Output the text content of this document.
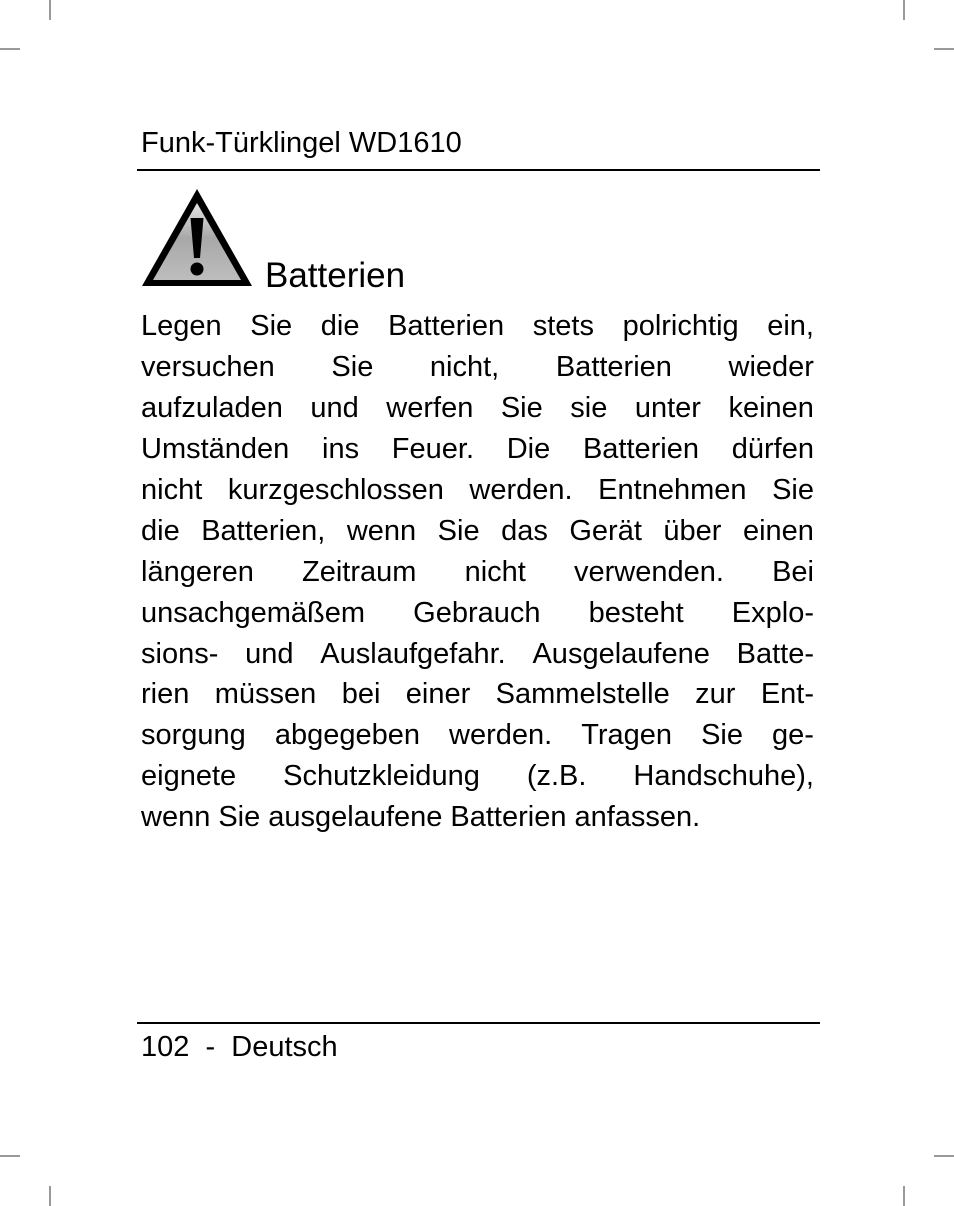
Funk-Türklingel WD1610
Batterien
Legen Sie die Batterien stets polrichtig ein,
versuchen Sie nicht, Batterien wieder
aufzuladen und werfen Sie sie unter keinen
Umständen ins Feuer. Die Batterien dürfen
nicht kurzgeschlossen werden. Entnehmen Sie
die Batterien, wenn Sie das Gerät über einen
längeren Zeitraum nicht verwenden. Bei
unsachgemäßem Gebrauch besteht Explo-
sions- und Auslaufgefahr. Ausgelaufene Batte-
rien müssen bei einer Sammelstelle zur Ent-
sorgung abgegeben werden. Tragen Sie ge-
eignete Schutzkleidung (z.B. Handschuhe),
wenn Sie ausgelaufene Batterien anfassen.
102  -  Deutsch
